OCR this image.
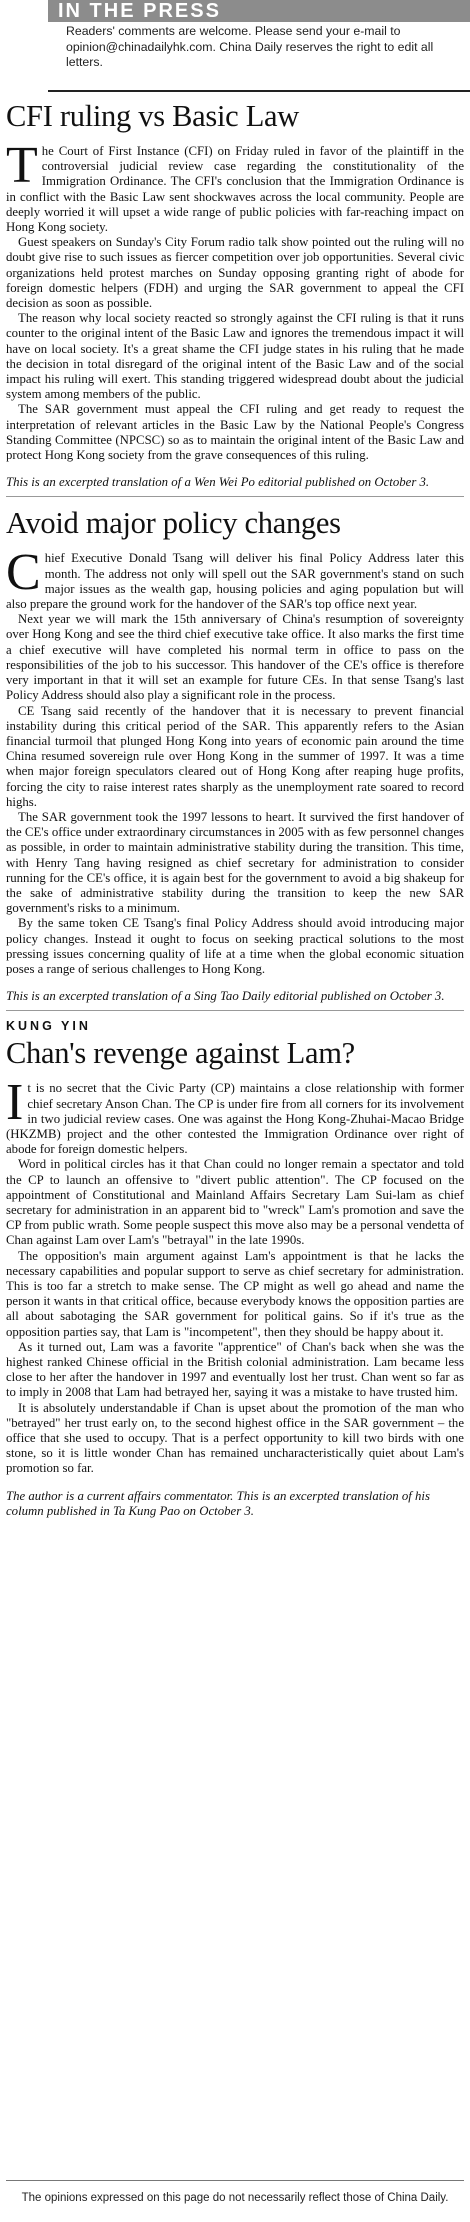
IN THE PRESS
Readers' comments are welcome. Please send your e-mail to opinion@chinadailyhk.com. China Daily reserves the right to edit all letters.
CFI ruling vs Basic Law

The Court of First Instance (CFI) on Friday ruled in favor of the plaintiff in the controversial judicial review case regarding the constitutionality of the Immigration Ordinance. The CFI's conclusion that the Immigration Ordinance is in conflict with the Basic Law sent shockwaves across the local community. People are deeply worried it will upset a wide range of public policies with far-reaching impact on Hong Kong society.

Guest speakers on Sunday's City Forum radio talk show pointed out the ruling will no doubt give rise to such issues as fiercer competition over job opportunities. Several civic organizations held protest marches on Sunday opposing granting right of abode for foreign domestic helpers (FDH) and urging the SAR government to appeal the CFI decision as soon as possible.

The reason why local society reacted so strongly against the CFI ruling is that it runs counter to the original intent of the Basic Law and ignores the tremendous impact it will have on local society. It's a great shame the CFI judge states in his ruling that he made the decision in total disregard of the original intent of the Basic Law and of the social impact his ruling will exert. This standing triggered widespread doubt about the judicial system among members of the public.

The SAR government must appeal the CFI ruling and get ready to request the interpretation of relevant articles in the Basic Law by the National People's Congress Standing Committee (NPCSC) so as to maintain the original intent of the Basic Law and protect Hong Kong society from the grave consequences of this ruling.

This is an excerpted translation of a Wen Wei Po editorial published on October 3.
Avoid major policy changes

Chief Executive Donald Tsang will deliver his final Policy Address later this month. The address not only will spell out the SAR government's stand on such major issues as the wealth gap, housing policies and aging population but will also prepare the ground work for the handover of the SAR's top office next year.

Next year we will mark the 15th anniversary of China's resumption of sovereignty over Hong Kong and see the third chief executive take office. It also marks the first time a chief executive will have completed his normal term in office to pass on the responsibilities of the job to his successor. This handover of the CE's office is therefore very important in that it will set an example for future CEs. In that sense Tsang's last Policy Address should also play a significant role in the process.

CE Tsang said recently of the handover that it is necessary to prevent financial instability during this critical period of the SAR. This apparently refers to the Asian financial turmoil that plunged Hong Kong into years of economic pain around the time China resumed sovereign rule over Hong Kong in the summer of 1997. It was a time when major foreign speculators cleared out of Hong Kong after reaping huge profits, forcing the city to raise interest rates sharply as the unemployment rate soared to record highs.

The SAR government took the 1997 lessons to heart. It survived the first handover of the CE's office under extraordinary circumstances in 2005 with as few personnel changes as possible, in order to maintain administrative stability during the transition. This time, with Henry Tang having resigned as chief secretary for administration to consider running for the CE's office, it is again best for the government to avoid a big shakeup for the sake of administrative stability during the transition to keep the new SAR government's risks to a minimum.

By the same token CE Tsang's final Policy Address should avoid introducing major policy changes. Instead it ought to focus on seeking practical solutions to the most pressing issues concerning quality of life at a time when the global economic situation poses a range of serious challenges to Hong Kong.

This is an excerpted translation of a Sing Tao Daily editorial published on October 3.
KUNG YIN
Chan's revenge against Lam?

It is no secret that the Civic Party (CP) maintains a close relationship with former chief secretary Anson Chan. The CP is under fire from all corners for its involvement in two judicial review cases. One was against the Hong Kong-Zhuhai-Macao Bridge (HKZMB) project and the other contested the Immigration Ordinance over right of abode for foreign domestic helpers.

Word in political circles has it that Chan could no longer remain a spectator and told the CP to launch an offensive to "divert public attention". The CP focused on the appointment of Constitutional and Mainland Affairs Secretary Lam Sui-lam as chief secretary for administration in an apparent bid to "wreck" Lam's promotion and save the CP from public wrath. Some people suspect this move also may be a personal vendetta of Chan against Lam over Lam's "betrayal" in the late 1990s.

The opposition's main argument against Lam's appointment is that he lacks the necessary capabilities and popular support to serve as chief secretary for administration. This is too far a stretch to make sense. The CP might as well go ahead and name the person it wants in that critical office, because everybody knows the opposition parties are all about sabotaging the SAR government for political gains. So if it's true as the opposition parties say, that Lam is "incompetent", then they should be happy about it.

As it turned out, Lam was a favorite "apprentice" of Chan's back when she was the highest ranked Chinese official in the British colonial administration. Lam became less close to her after the handover in 1997 and eventually lost her trust. Chan went so far as to imply in 2008 that Lam had betrayed her, saying it was a mistake to have trusted him.

It is absolutely understandable if Chan is upset about the promotion of the man who "betrayed" her trust early on, to the second highest office in the SAR government – the office that she used to occupy. That is a perfect opportunity to kill two birds with one stone, so it is little wonder Chan has remained uncharacteristically quiet about Lam's promotion so far.

The author is a current affairs commentator. This is an excerpted translation of his column published in Ta Kung Pao on October 3.
The opinions expressed on this page do not necessarily reflect those of China Daily.
